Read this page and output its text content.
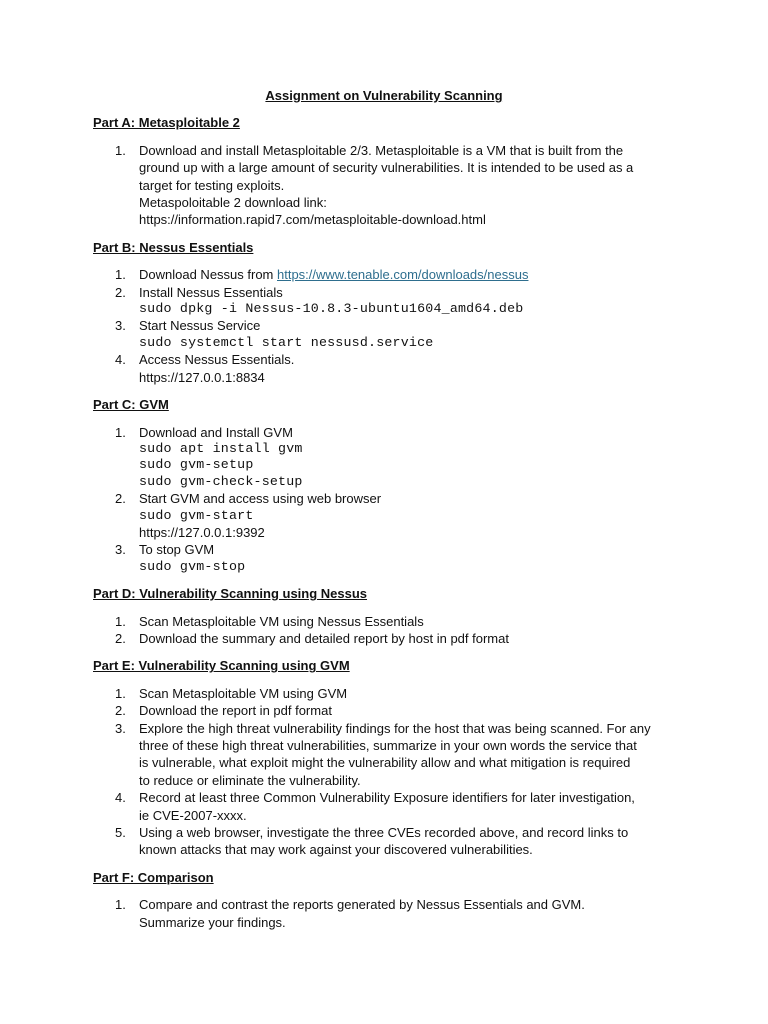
Assignment on Vulnerability Scanning
Part A: Metasploitable 2
1. Download and install Metasploitable 2/3. Metasploitable is a VM that is built from the
ground up with a large amount of security vulnerabilities. It is intended to be used as a
target for testing exploits.
Metaspoloitable 2 download link:
https://information.rapid7.com/metasploitable-download.html
Part B: Nessus Essentials
1. Download Nessus from https://www.tenable.com/downloads/nessus
2. Install Nessus Essentials
sudo dpkg -i Nessus-10.8.3-ubuntu1604_amd64.deb
3. Start Nessus Service
sudo systemctl start nessusd.service
4. Access Nessus Essentials.
https://127.0.0.1:8834
Part C: GVM
1. Download and Install GVM
sudo apt install gvm
sudo gvm-setup
sudo gvm-check-setup
2. Start GVM and access using web browser
sudo gvm-start
https://127.0.0.1:9392
3. To stop GVM
sudo gvm-stop
Part D: Vulnerability Scanning using Nessus
1. Scan Metasploitable VM using Nessus Essentials
2. Download the summary and detailed report by host in pdf format
Part E: Vulnerability Scanning using GVM
1. Scan Metasploitable VM using GVM
2. Download the report in pdf format
3. Explore the high threat vulnerability findings for the host that was being scanned. For any
three of these high threat vulnerabilities, summarize in your own words the service that
is vulnerable, what exploit might the vulnerability allow and what mitigation is required
to reduce or eliminate the vulnerability.
4. Record at least three Common Vulnerability Exposure identifiers for later investigation,
ie CVE-2007-xxxx.
5. Using a web browser, investigate the three CVEs recorded above, and record links to
known attacks that may work against your discovered vulnerabilities.
Part F: Comparison
1. Compare and contrast the reports generated by Nessus Essentials and GVM.
Summarize your findings.
